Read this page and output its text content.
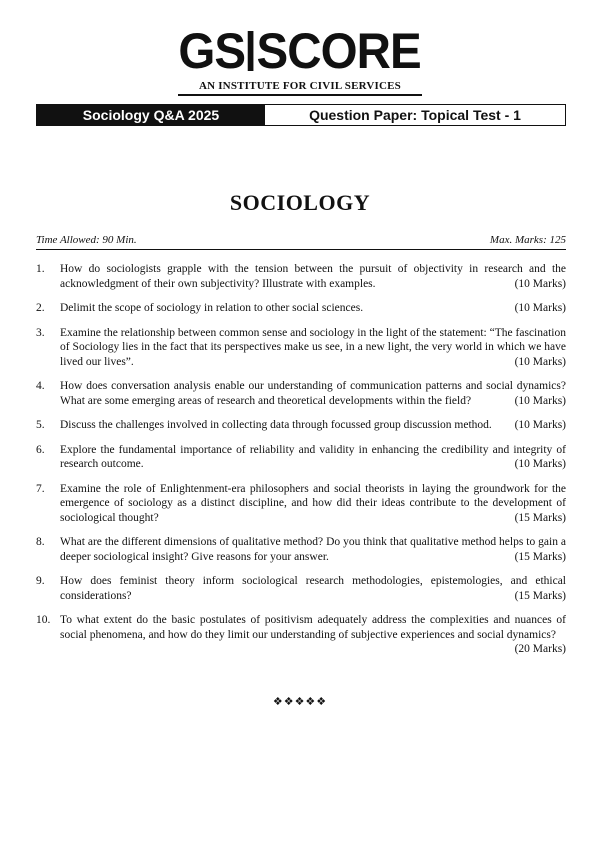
GS SCORE
AN INSTITUTE FOR CIVIL SERVICES
Sociology Q&A 2025	Question Paper: Topical Test - 1
SOCIOLOGY
Time Allowed: 90 Min.	Max. Marks: 125
1. How do sociologists grapple with the tension between the pursuit of objectivity in research and the acknowledgment of their own subjectivity? Illustrate with examples.	(10 Marks)
2. Delimit the scope of sociology in relation to other social sciences.	(10 Marks)
3. Examine the relationship between common sense and sociology in the light of the statement: “The fascination of Sociology lies in the fact that its perspectives make us see, in a new light, the very world in which we have lived our lives”.	(10 Marks)
4. How does conversation analysis enable our understanding of communication patterns and social dynamics? What are some emerging areas of research and theoretical developments within the field?	(10 Marks)
5. Discuss the challenges involved in collecting data through focussed group discussion method. (10 Marks)
6. Explore the fundamental importance of reliability and validity in enhancing the credibility and integrity of research outcome.	(10 Marks)
7. Examine the role of Enlightenment-era philosophers and social theorists in laying the groundwork for the emergence of sociology as a distinct discipline, and how did their ideas contribute to the development of sociological thought?	(15 Marks)
8. What are the different dimensions of qualitative method? Do you think that qualitative method helps to gain a deeper sociological insight? Give reasons for your answer.	(15 Marks)
9. How does feminist theory inform sociological research methodologies, epistemologies, and ethical considerations?	(15 Marks)
10. To what extent do the basic postulates of positivism adequately address the complexities and nuances of social phenomena, and how do they limit our understanding of subjective experiences and social dynamics?
(20 Marks)
❖❖❖❖❖
